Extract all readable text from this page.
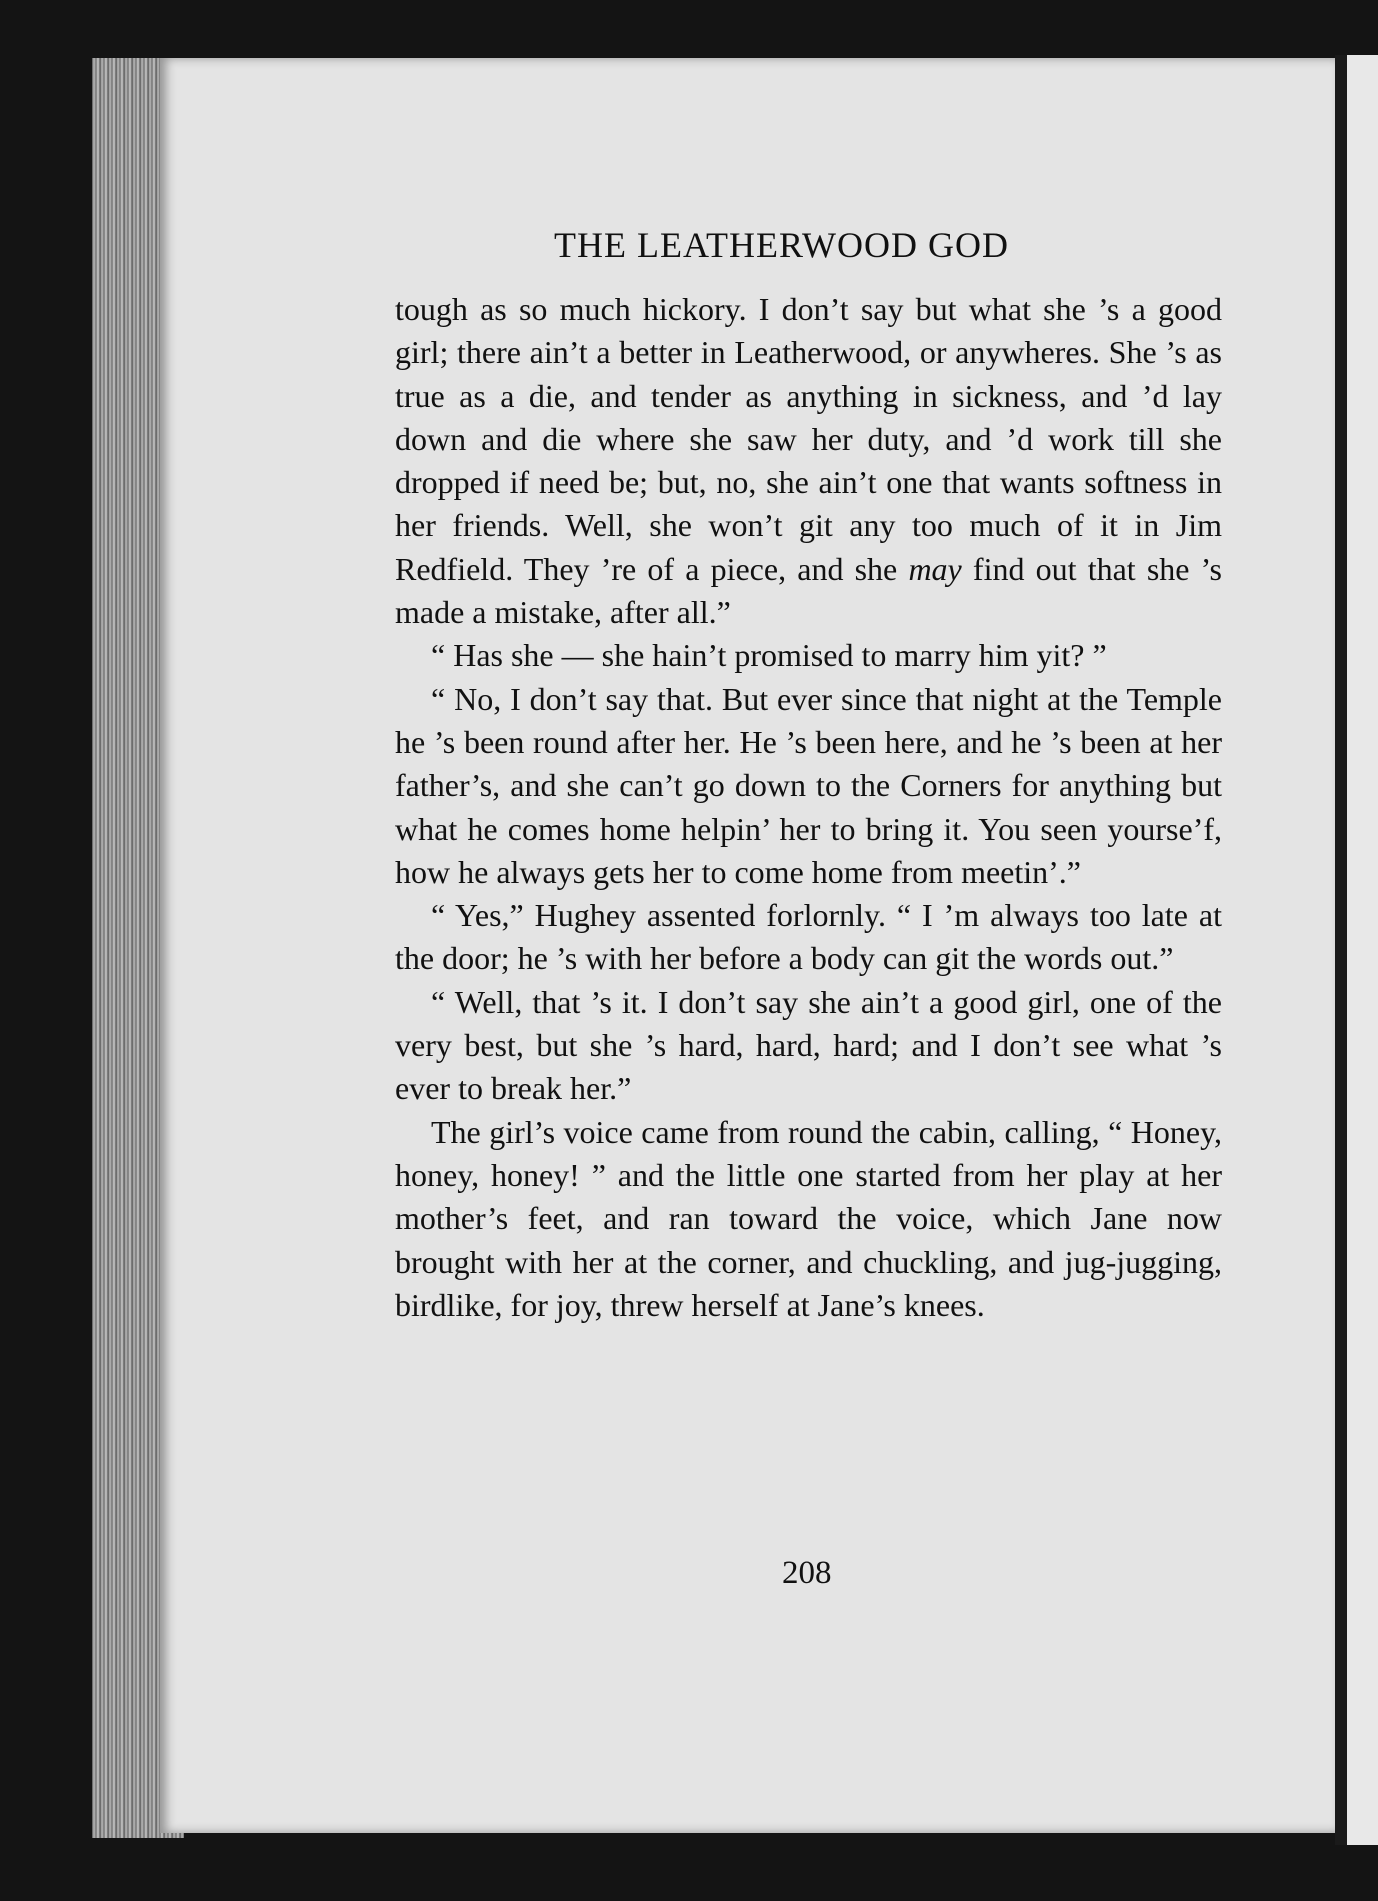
THE LEATHERWOOD GOD

tough as so much hickory. I don’t say but what she ’s a good girl; there ain’t a better in Leatherwood, or anywheres. She ’s as true as a die, and tender as anything in sickness, and ’d lay down and die where she saw her duty, and ’d work till she dropped if need be; but, no, she ain’t one that wants softness in her friends. Well, she won’t git any too much of it in Jim Redfield. They ’re of a piece, and she may find out that she ’s made a mistake, after all.”

“ Has she — she hain’t promised to marry him yit? ”

“ No, I don’t say that. But ever since that night at the Temple he ’s been round after her. He ’s been here, and he ’s been at her father’s, and she can’t go down to the Corners for anything but what he comes home helpin’ her to bring it. You seen yourse’f, how he always gets her to come home from meetin’.”

“ Yes,” Hughey assented forlornly. “ I ’m always too late at the door; he ’s with her before a body can git the words out.”

“ Well, that ’s it. I don’t say she ain’t a good girl, one of the very best, but she ’s hard, hard, hard; and I don’t see what ’s ever to break her.”

The girl’s voice came from round the cabin, calling, “ Honey, honey, honey! ” and the little one started from her play at her mother’s feet, and ran toward the voice, which Jane now brought with her at the corner, and chuckling, and jug-jugging, birdlike, for joy, threw herself at Jane’s knees.

208
